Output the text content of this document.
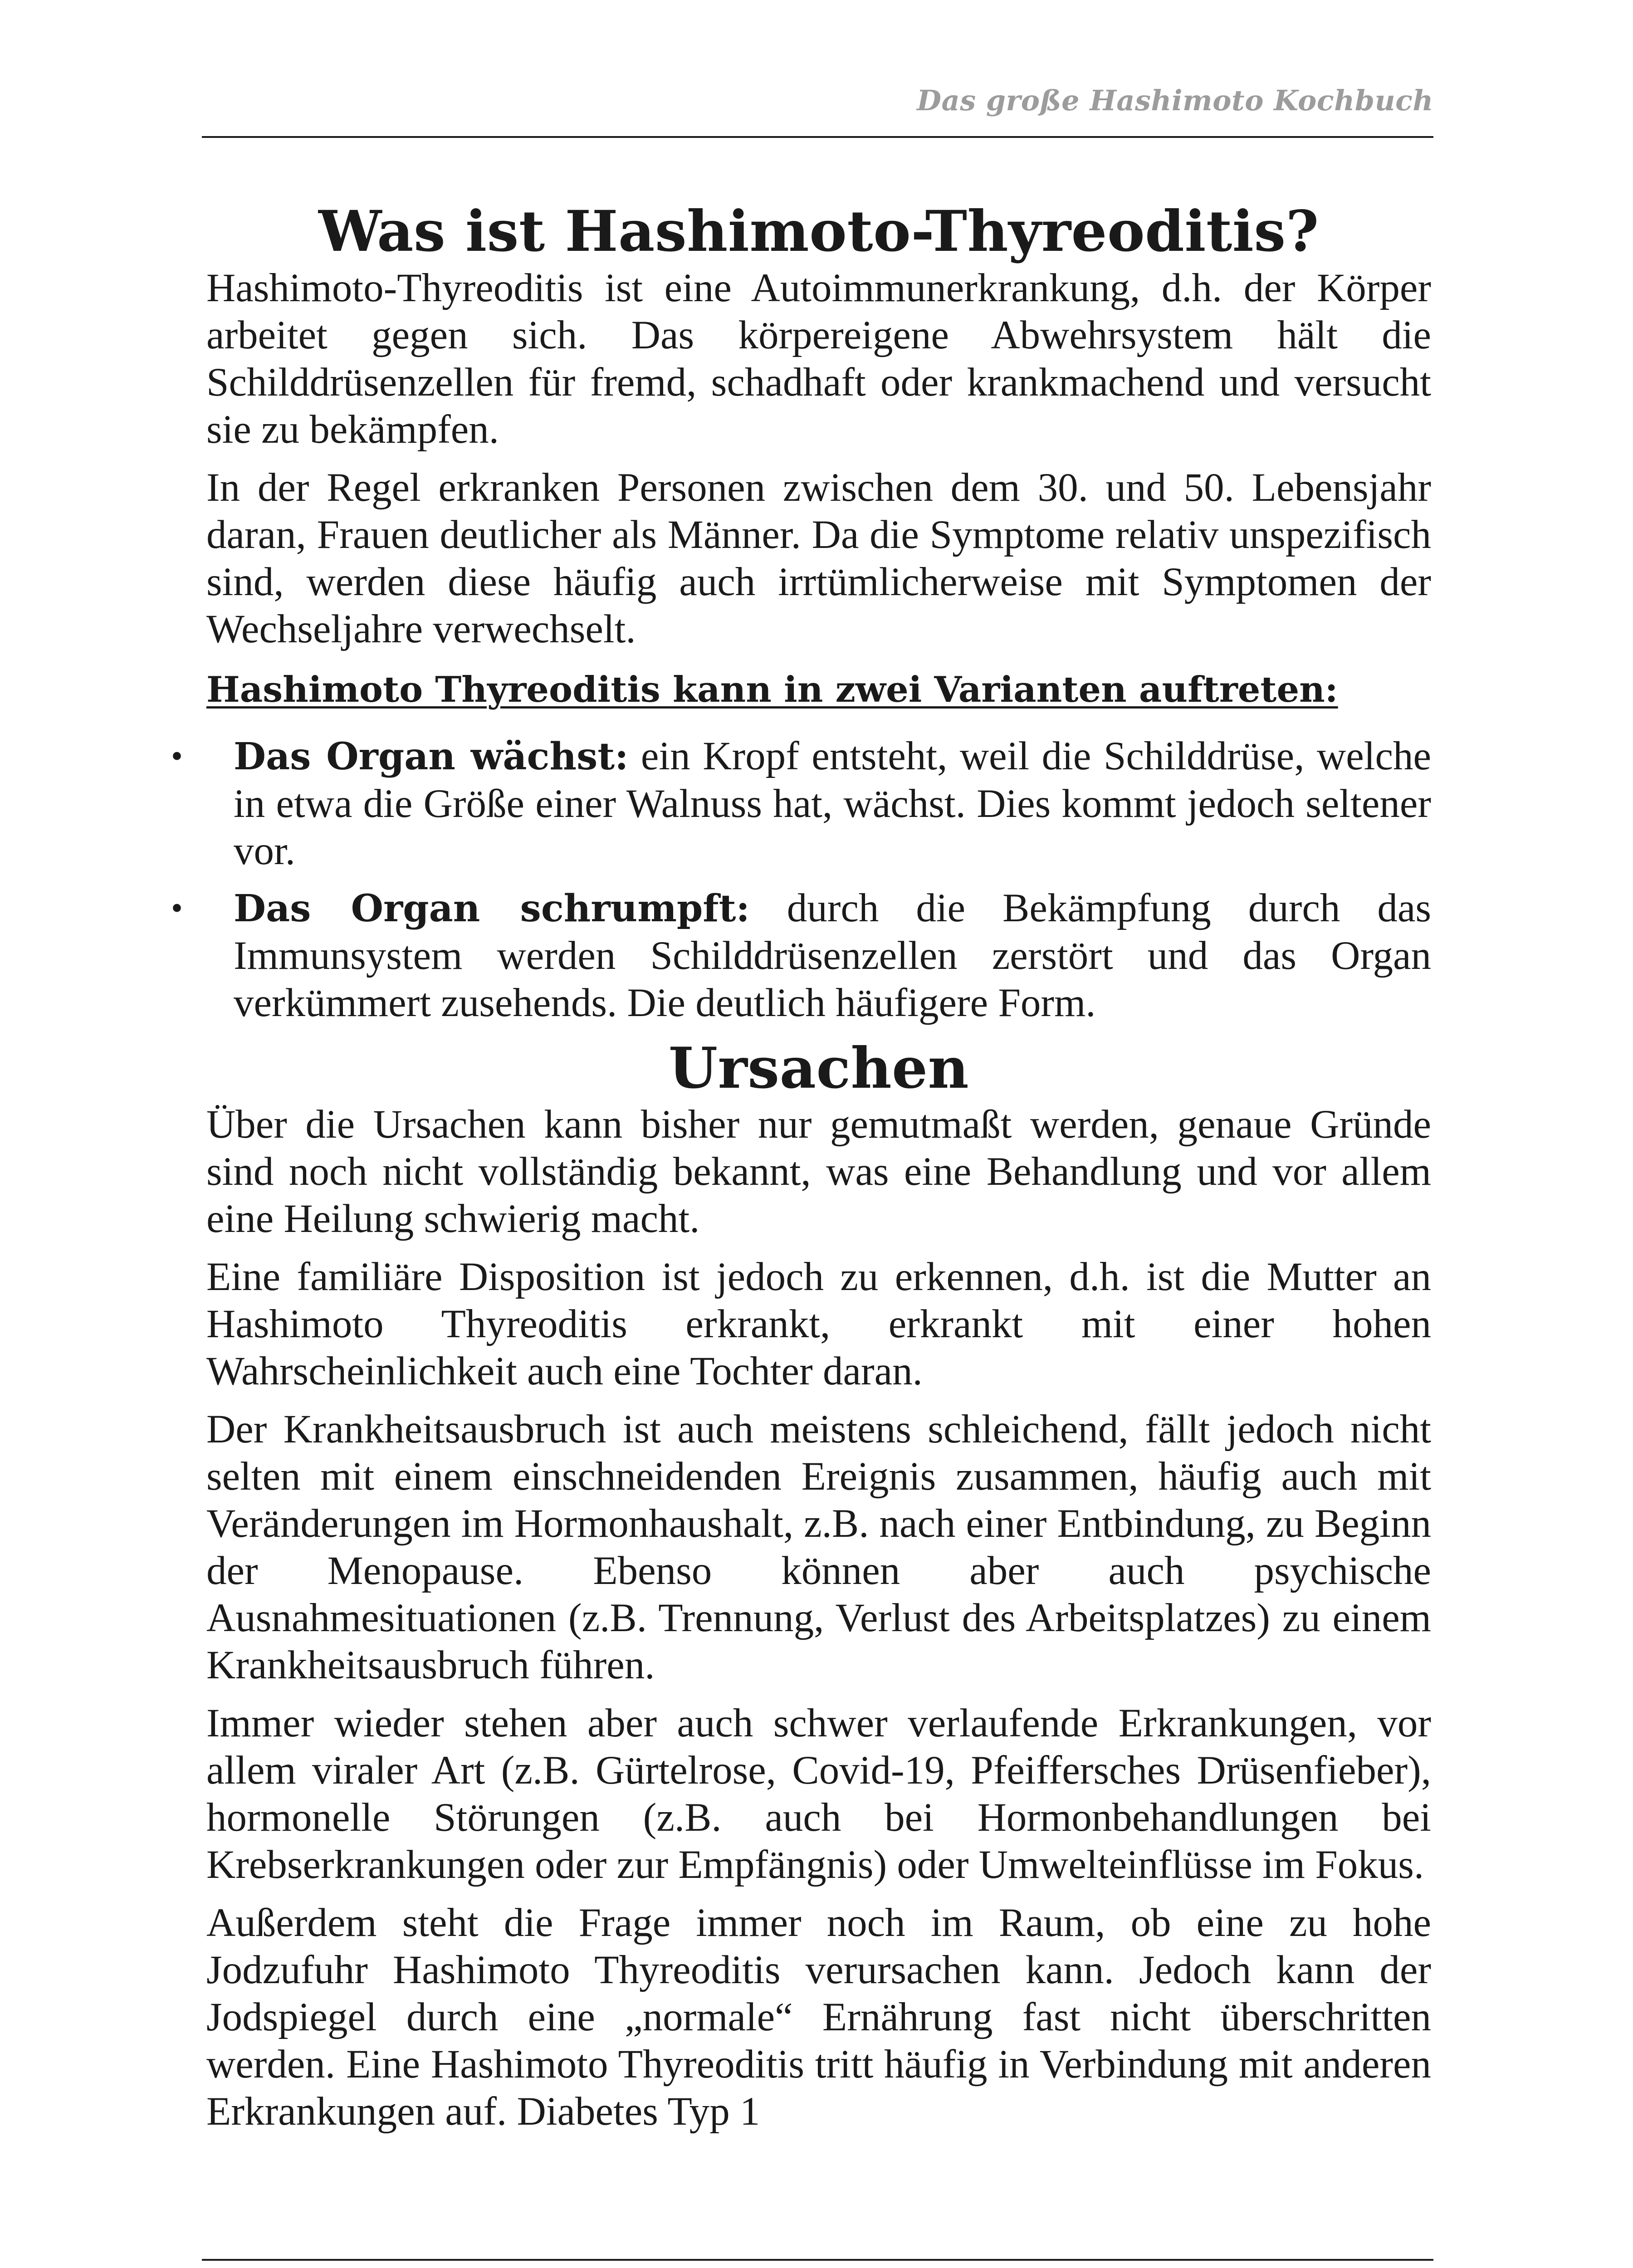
Das große Hashimoto Kochbuch
Was ist Hashimoto-Thyreoditis?

Hashimoto-Thyreoditis ist eine Autoimmunerkrankung, d.h. der Körper arbeitet gegen sich. Das körpereigene Abwehrsystem hält die Schilddrüsenzellen für fremd, schadhaft oder krankmachend und versucht sie zu bekämpfen.

In der Regel erkranken Personen zwischen dem 30. und 50. Lebensjahr daran, Frauen deutlicher als Männer. Da die Symptome relativ unspezifisch sind, werden diese häufig auch irrtümlicherweise mit Symptomen der Wechseljahre verwechselt.

Hashimoto Thyreoditis kann in zwei Varianten auftreten:
• Das Organ wächst: ein Kropf entsteht, weil die Schilddrüse, welche in etwa die Größe einer Walnuss hat, wächst. Dies kommt jedoch seltener vor.
• Das Organ schrumpft: durch die Bekämpfung durch das Immunsystem werden Schilddrüsenzellen zerstört und das Organ verkümmert zusehends. Die deutlich häufigere Form.
Ursachen

Über die Ursachen kann bisher nur gemutmaßt werden, genaue Gründe sind noch nicht vollständig bekannt, was eine Behandlung und vor allem eine Heilung schwierig macht.

Eine familiäre Disposition ist jedoch zu erkennen, d.h. ist die Mutter an Hashimoto Thyreoditis erkrankt, erkrankt mit einer hohen Wahrscheinlichkeit auch eine Tochter daran.

Der Krankheitsausbruch ist auch meistens schleichend, fällt jedoch nicht selten mit einem einschneidenden Ereignis zusammen, häufig auch mit Veränderungen im Hormonhaushalt, z.B. nach einer Entbindung, zu Beginn der Menopause. Ebenso können aber auch psychische Ausnahmesituationen (z.B. Trennung, Verlust des Arbeitsplatzes) zu einem Krankheitsausbruch führen.

Immer wieder stehen aber auch schwer verlaufende Erkrankungen, vor allem viraler Art (z.B. Gürtelrose, Covid-19, Pfeiffersches Drüsenfieber), hormonelle Störungen (z.B. auch bei Hormonbehandlungen bei Krebserkrankungen oder zur Empfängnis) oder Umwelteinflüsse im Fokus.

Außerdem steht die Frage immer noch im Raum, ob eine zu hohe Jodzufuhr Hashimoto Thyreoditis verursachen kann. Jedoch kann der Jodspiegel durch eine „normale“ Ernährung fast nicht überschritten werden. Eine Hashimoto Thyreoditis tritt häufig in Verbindung mit anderen Erkrankungen auf. Diabetes Typ 1
